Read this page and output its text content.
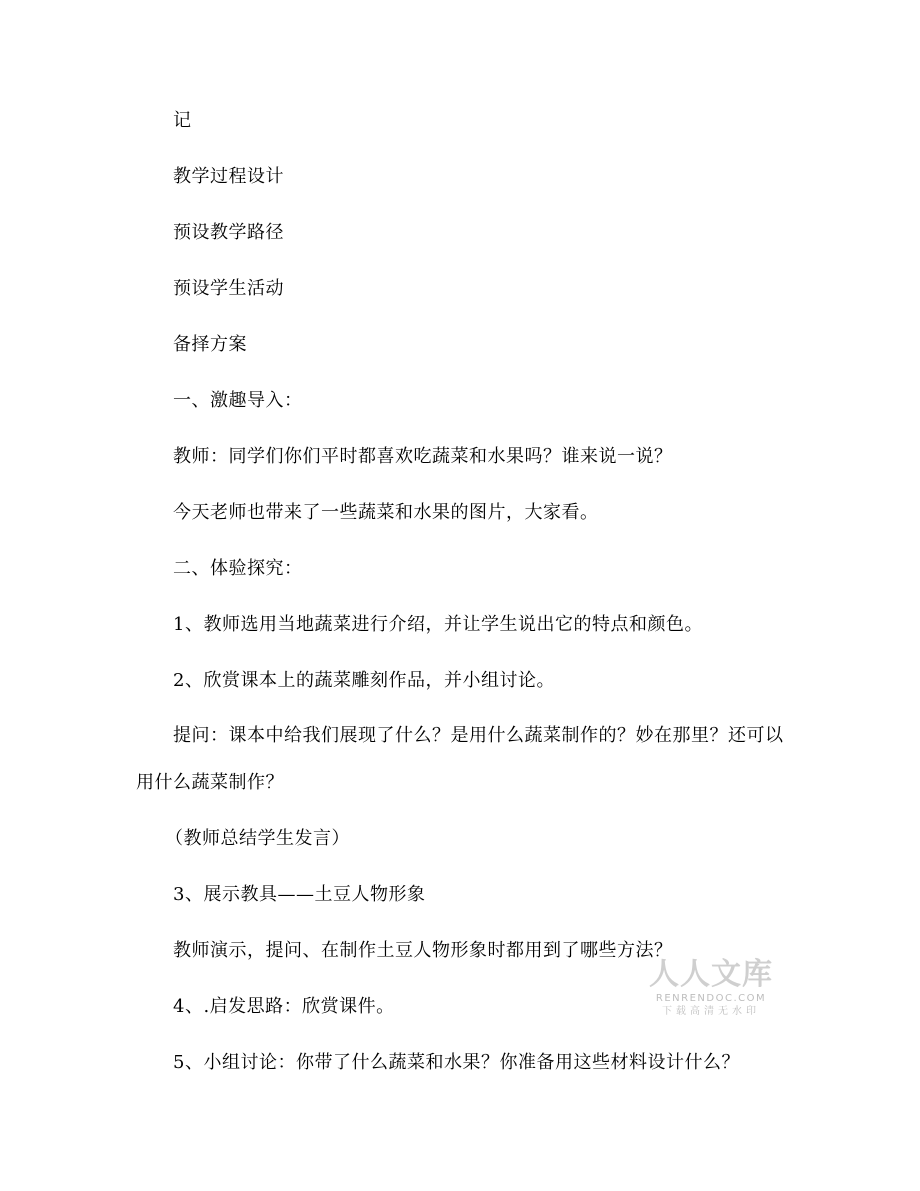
记
教学过程设计
预设教学路径
预设学生活动
备择方案
一、激趣导入：
教师：同学们你们平时都喜欢吃蔬菜和水果吗？谁来说一说？
今天老师也带来了一些蔬菜和水果的图片，大家看。
二、体验探究：
1、教师选用当地蔬菜进行介绍，并让学生说出它的特点和颜色。
2、欣赏课本上的蔬菜雕刻作品，并小组讨论。
提问：课本中给我们展现了什么？是用什么蔬菜制作的？妙在那里？还可以
用什么蔬菜制作？
（教师总结学生发言）
3、展示教具——土豆人物形象
教师演示，提问、在制作土豆人物形象时都用到了哪些方法？
4、.启发思路：欣赏课件。
5、小组讨论：你带了什么蔬菜和水果？你准备用这些材料设计什么？
人人文库
RENRENDOC.COM
下载高清无水印
